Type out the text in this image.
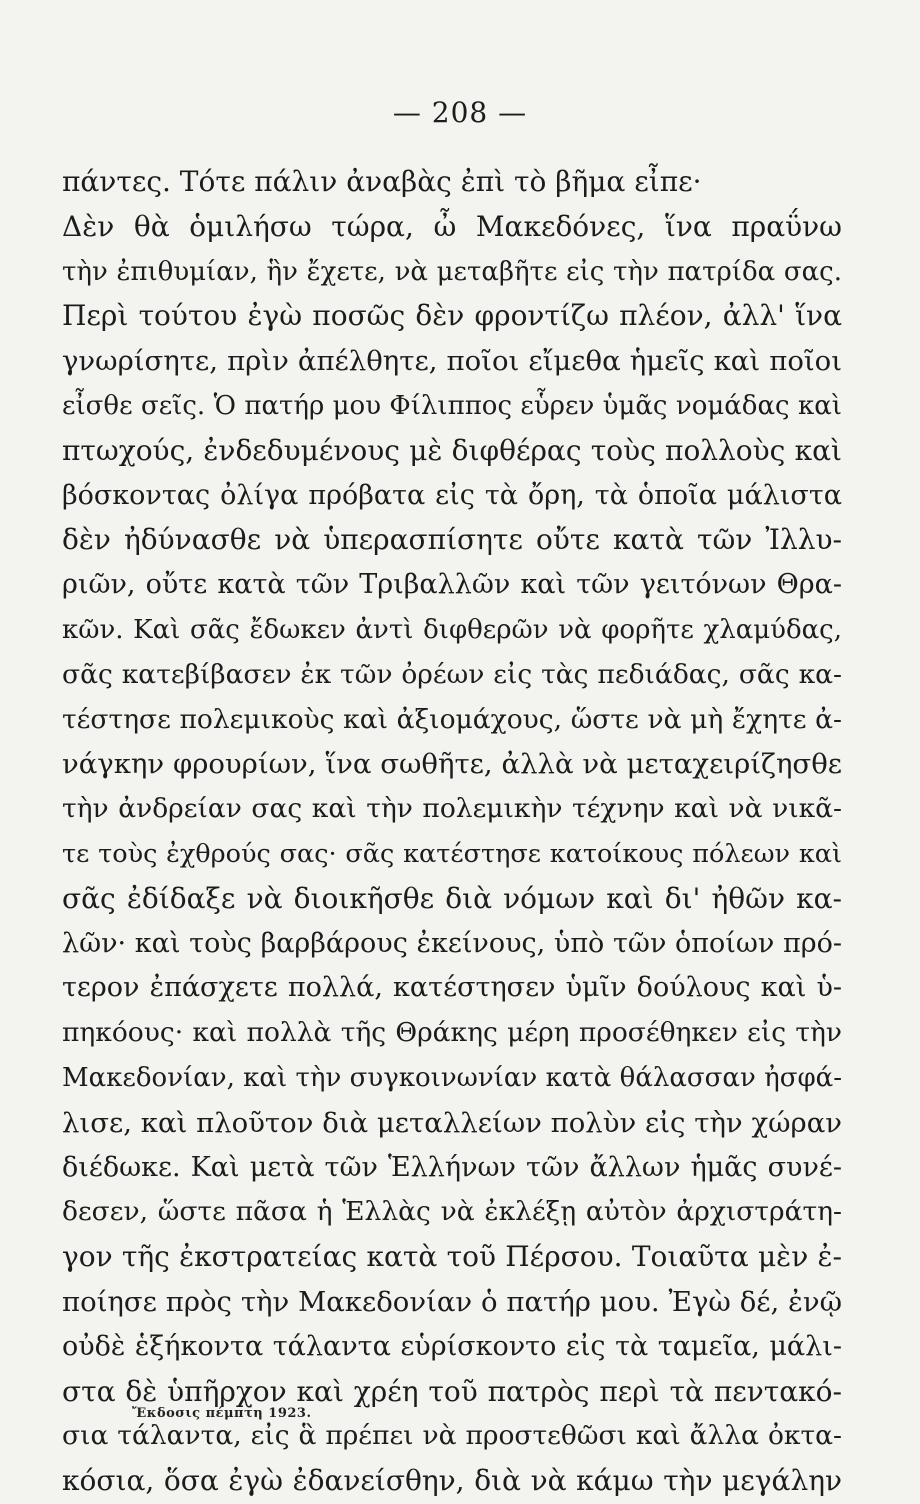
— 208 —
πάντες. Τότε πάλιν ἀναβὰς ἐπὶ τὸ βῆμα εἶπε·
Δὲν θὰ ὁμιλήσω τώρα, ὦ Μακεδόνες, ἵνα πραΰνω
τὴν ἐπιθυμίαν, ἣν ἔχετε, νὰ μεταβῆτε εἰς τὴν πατρίδα σας.
Περὶ τούτου ἐγὼ ποσῶς δὲν φροντίζω πλέον, ἀλλ' ἵνα
γνωρίσητε, πρὶν ἀπέλθητε, ποῖοι εἴμεθα ἡμεῖς καὶ ποῖοι
εἶσθε σεῖς. Ὁ πατήρ μου Φίλιππος εὗρεν ὑμᾶς νομάδας καὶ
πτωχούς, ἐνδεδυμένους μὲ διφθέρας τοὺς πολλοὺς καὶ
βόσκοντας ὀλίγα πρόβατα εἰς τὰ ὄρη, τὰ ὁποῖα μάλιστα
δὲν ἠδύνασθε νὰ ὑπερασπίσητε οὔτε κατὰ τῶν Ἰλλυ-
ριῶν, οὔτε κατὰ τῶν Τριβαλλῶν καὶ τῶν γειτόνων Θρα-
κῶν. Καὶ σᾶς ἔδωκεν ἀντὶ διφθερῶν νὰ φορῆτε χλαμύδας,
σᾶς κατεβίβασεν ἐκ τῶν ὀρέων εἰς τὰς πεδιάδας, σᾶς κα-
τέστησε πολεμικοὺς καὶ ἀξιομάχους, ὥστε νὰ μὴ ἔχητε ἀ-
νάγκην φρουρίων, ἵνα σωθῆτε, ἀλλὰ νὰ μεταχειρίζησθε
τὴν ἀνδρείαν σας καὶ τὴν πολεμικὴν τέχνην καὶ νὰ νικᾶ-
τε τοὺς ἐχθρούς σας· σᾶς κατέστησε κατοίκους πόλεων καὶ
σᾶς ἐδίδαξε νὰ διοικῆσθε διὰ νόμων καὶ δι' ἠθῶν κα-
λῶν· καὶ τοὺς βαρβάρους ἐκείνους, ὑπὸ τῶν ὁποίων πρό-
τερον ἐπάσχετε πολλά, κατέστησεν ὑμῖν δούλους καὶ ὑ-
πηκόους· καὶ πολλὰ τῆς Θράκης μέρη προσέθηκεν εἰς τὴν
Μακεδονίαν, καὶ τὴν συγκοινωνίαν κατὰ θάλασσαν ἠσφά-
λισε, καὶ πλοῦτον διὰ μεταλλείων πολὺν εἰς τὴν χώραν
διέδωκε. Καὶ μετὰ τῶν Ἑλλήνων τῶν ἄλλων ἡμᾶς συνέ-
δεσεν, ὥστε πᾶσα ἡ Ἑλλὰς νὰ ἐκλέξῃ αὐτὸν ἀρχιστράτη-
γον τῆς ἐκστρατείας κατὰ τοῦ Πέρσου. Τοιαῦτα μὲν ἐ-
ποίησε πρὸς τὴν Μακεδονίαν ὁ πατήρ μου. Ἐγὼ δέ, ἐνῷ
οὐδὲ ἑξήκοντα τάλαντα εὑρίσκοντο εἰς τὰ ταμεῖα, μάλι-
στα δὲ ὑπῆρχον καὶ χρέη τοῦ πατρὸς περὶ τὰ πεντακό-
σια τάλαντα, εἰς ἃ πρέπει νὰ προστεθῶσι καὶ ἄλλα ὀκτα-
κόσια, ὅσα ἐγὼ ἐδανείσθην, διὰ νὰ κάμω τὴν μεγάλην
Ἔκδοσις πέμπτη 1923.
